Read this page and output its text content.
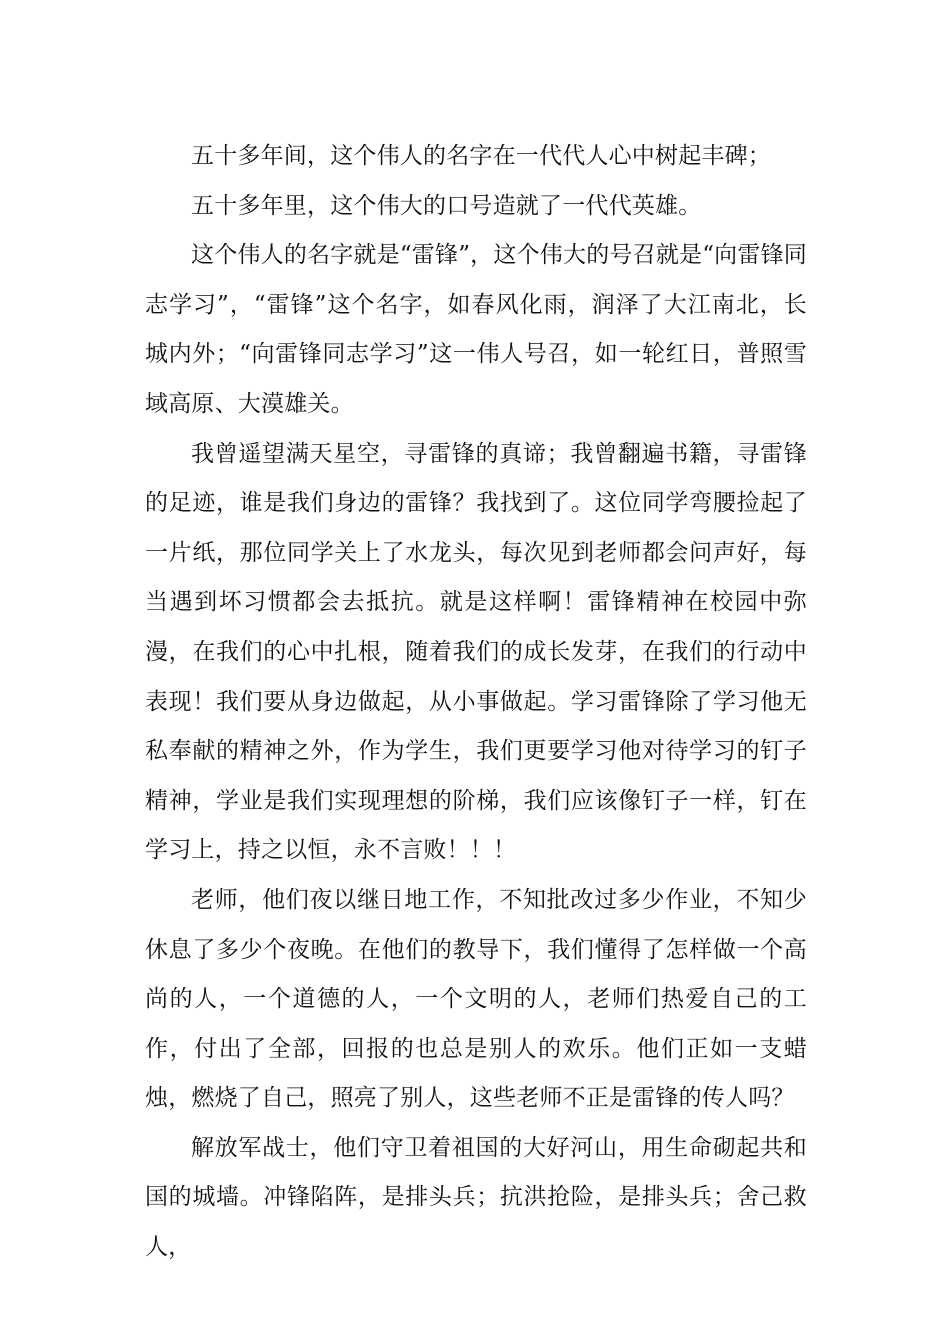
五十多年间，这个伟人的名字在一代代人心中树起丰碑；

五十多年里，这个伟大的口号造就了一代代英雄。

这个伟人的名字就是“雷锋”，这个伟大的号召就是“向雷锋同志学习”，“雷锋”这个名字，如春风化雨，润泽了大江南北，长城内外；“向雷锋同志学习”这一伟人号召，如一轮红日，普照雪域高原、大漠雄关。

我曾遥望满天星空，寻雷锋的真谛；我曾翻遍书籍，寻雷锋的足迹，谁是我们身边的雷锋？我找到了。这位同学弯腰捡起了一片纸，那位同学关上了水龙头，每次见到老师都会问声好，每当遇到坏习惯都会去抵抗。就是这样啊！雷锋精神在校园中弥漫，在我们的心中扎根，随着我们的成长发芽，在我们的行动中表现！我们要从身边做起，从小事做起。学习雷锋除了学习他无私奉献的精神之外，作为学生，我们更要学习他对待学习的钉子精神，学业是我们实现理想的阶梯，我们应该像钉子一样，钉在学习上，持之以恒，永不言败！！！

老师，他们夜以继日地工作，不知批改过多少作业，不知少休息了多少个夜晚。在他们的教导下，我们懂得了怎样做一个高尚的人，一个道德的人，一个文明的人，老师们热爱自己的工作，付出了全部，回报的也总是别人的欢乐。他们正如一支蜡烛，燃烧了自己，照亮了别人，这些老师不正是雷锋的传人吗？

解放军战士，他们守卫着祖国的大好河山，用生命砌起共和国的城墙。冲锋陷阵，是排头兵；抗洪抢险，是排头兵；舍己救人，
